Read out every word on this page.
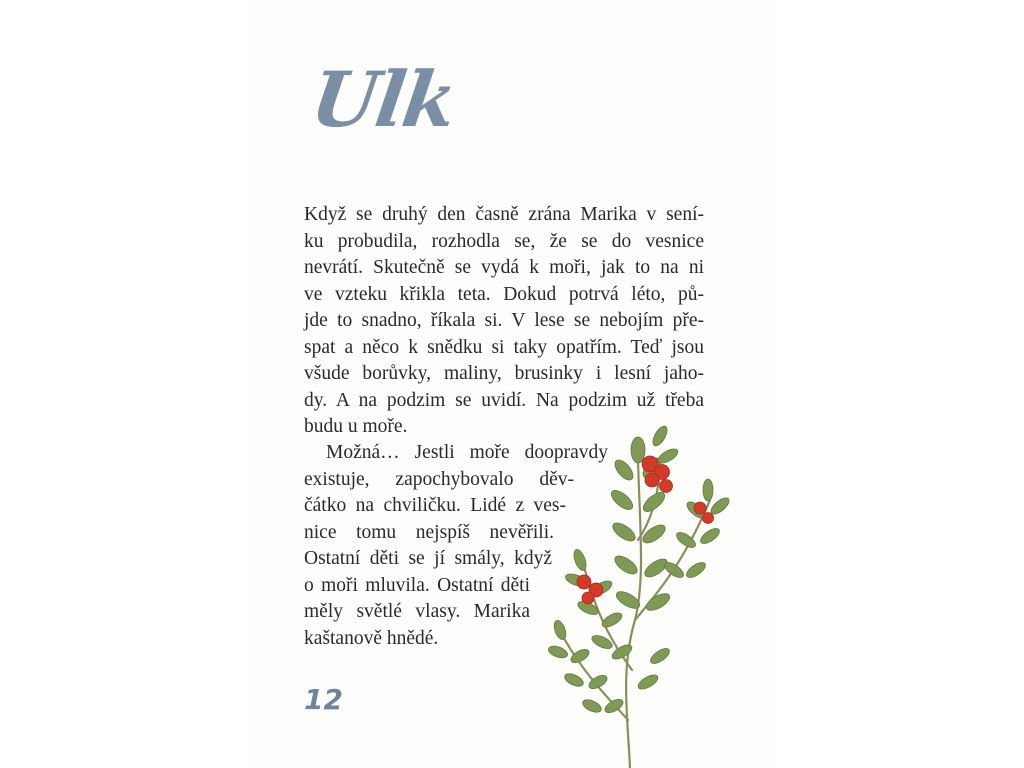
Ulk
Když se druhý den časně zrána Marika v sení-
ku probudila, rozhodla se, že se do vesnice
nevrátí. Skutečně se vydá k moři, jak to na ni
ve vzteku křikla teta. Dokud potrvá léto, pů-
jde to snadno, říkala si. V lese se nebojím pře-
spat a něco k snědku si taky opatřím. Teď jsou
všude borůvky, maliny, brusinky i lesní jaho-
dy. A na podzim se uvidí. Na podzim už třeba
budu u moře.
Možná… Jestli moře doopravdy
existuje, zapochybovalo děv-
čátko na chviličku. Lidé z ves-
nice tomu nejspíš nevěřili.
Ostatní děti se jí smály, když
o moři mluvila. Ostatní děti
měly světlé vlasy. Marika
kaštanově hnědé.
12
